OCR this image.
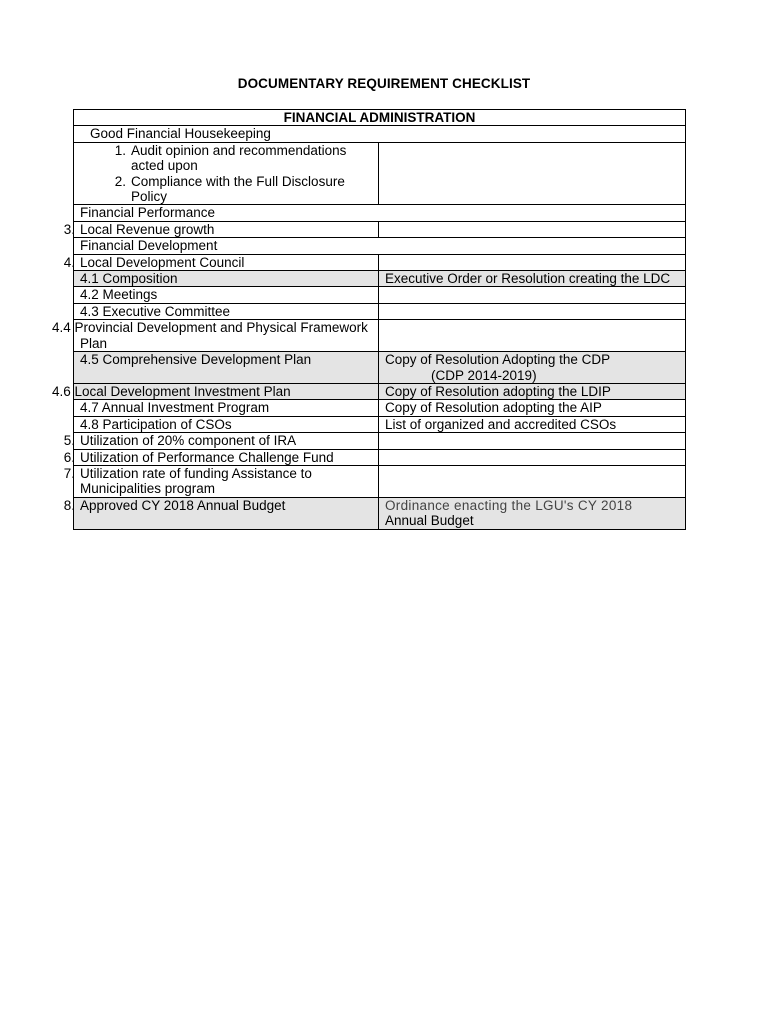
DOCUMENTARY REQUIREMENT CHECKLIST
FINANCIAL ADMINISTRATION	
Good Financial Housekeeping	

1. Audit opinion and recommendations acted upon
2. Compliance with the Full Disclosure Policy	

Financial Performance	
3. Local Revenue growth	
Financial Development	
4. Local Development Council	
4.1 Composition	Executive Order or Resolution creating the LDC
4.2 Meetings	
4.3 Executive Committee	
4.4 Provincial Development and Physical Framework Plan	
4.5 Comprehensive Development Plan	Copy of Resolution Adopting the CDP
(CDP 2014-2019)

4.6 Local Development Investment Plan	Copy of Resolution adopting the LDIP
4.7 Annual Investment Program	Copy of Resolution adopting the AIP
4.8 Participation of CSOs	List of organized and accredited CSOs
5. Utilization of 20% component of IRA	
6. Utilization of Performance Challenge Fund	
7. Utilization rate of funding Assistance to Municipalities program	
8. Approved CY 2018 Annual Budget	Ordinance enacting the LGU's CY 2018
Annual Budget
